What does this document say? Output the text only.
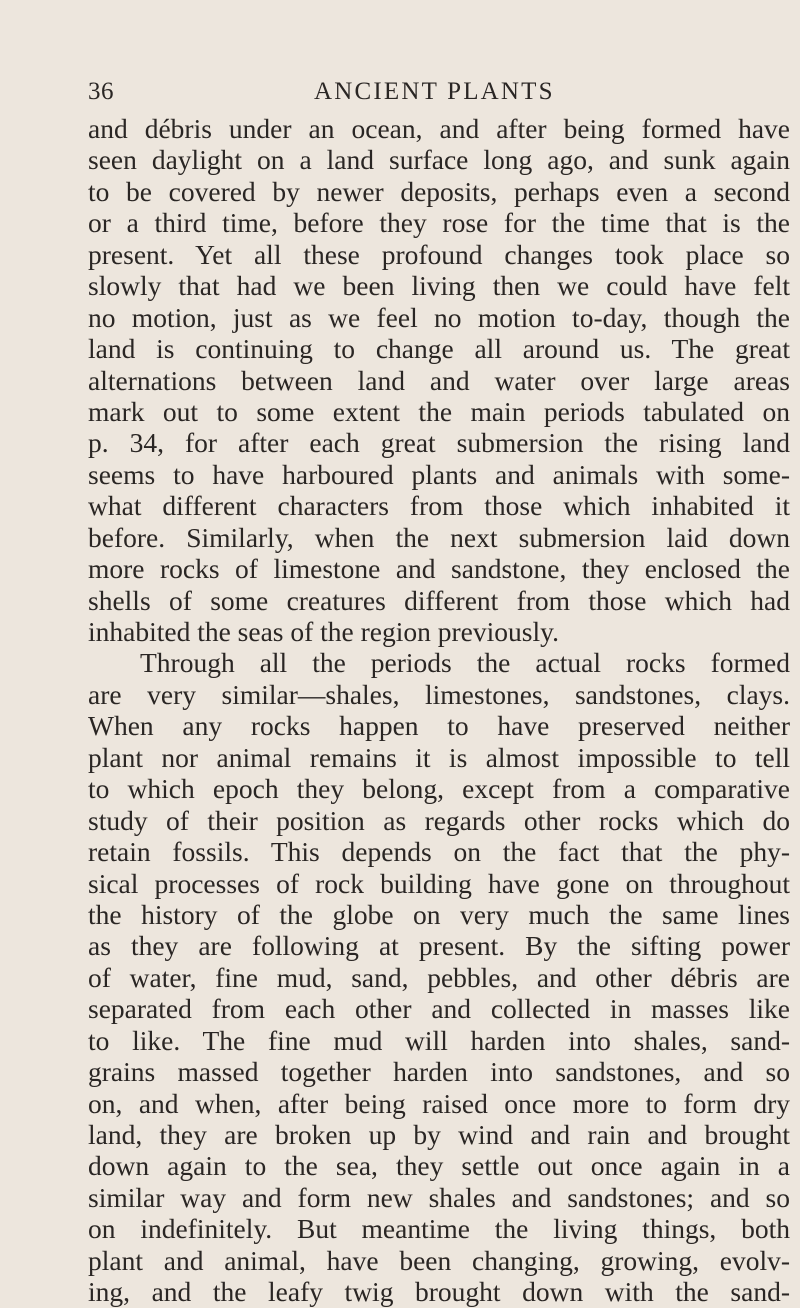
36	ANCIENT PLANTS
and débris under an ocean, and after being formed have
seen daylight on a land surface long ago, and sunk again
to be covered by newer deposits, perhaps even a second
or a third time, before they rose for the time that is the
present. Yet all these profound changes took place so
slowly that had we been living then we could have felt
no motion, just as we feel no motion to-day, though the
land is continuing to change all around us. The great
alternations between land and water over large areas
mark out to some extent the main periods tabulated on
p. 34, for after each great submersion the rising land
seems to have harboured plants and animals with some-
what different characters from those which inhabited it
before. Similarly, when the next submersion laid down
more rocks of limestone and sandstone, they enclosed the
shells of some creatures different from those which had
inhabited the seas of the region previously.
Through all the periods the actual rocks formed
are very similar—shales, limestones, sandstones, clays.
When any rocks happen to have preserved neither
plant nor animal remains it is almost impossible to tell
to which epoch they belong, except from a comparative
study of their position as regards other rocks which do
retain fossils. This depends on the fact that the phy-
sical processes of rock building have gone on throughout
the history of the globe on very much the same lines
as they are following at present. By the sifting power
of water, fine mud, sand, pebbles, and other débris are
separated from each other and collected in masses like
to like. The fine mud will harden into shales, sand-
grains massed together harden into sandstones, and so
on, and when, after being raised once more to form dry
land, they are broken up by wind and rain and brought
down again to the sea, they settle out once again in a
similar way and form new shales and sandstones; and so
on indefinitely. But meantime the living things, both
plant and animal, have been changing, growing, evolv-
ing, and the leafy twig brought down with the sand-
